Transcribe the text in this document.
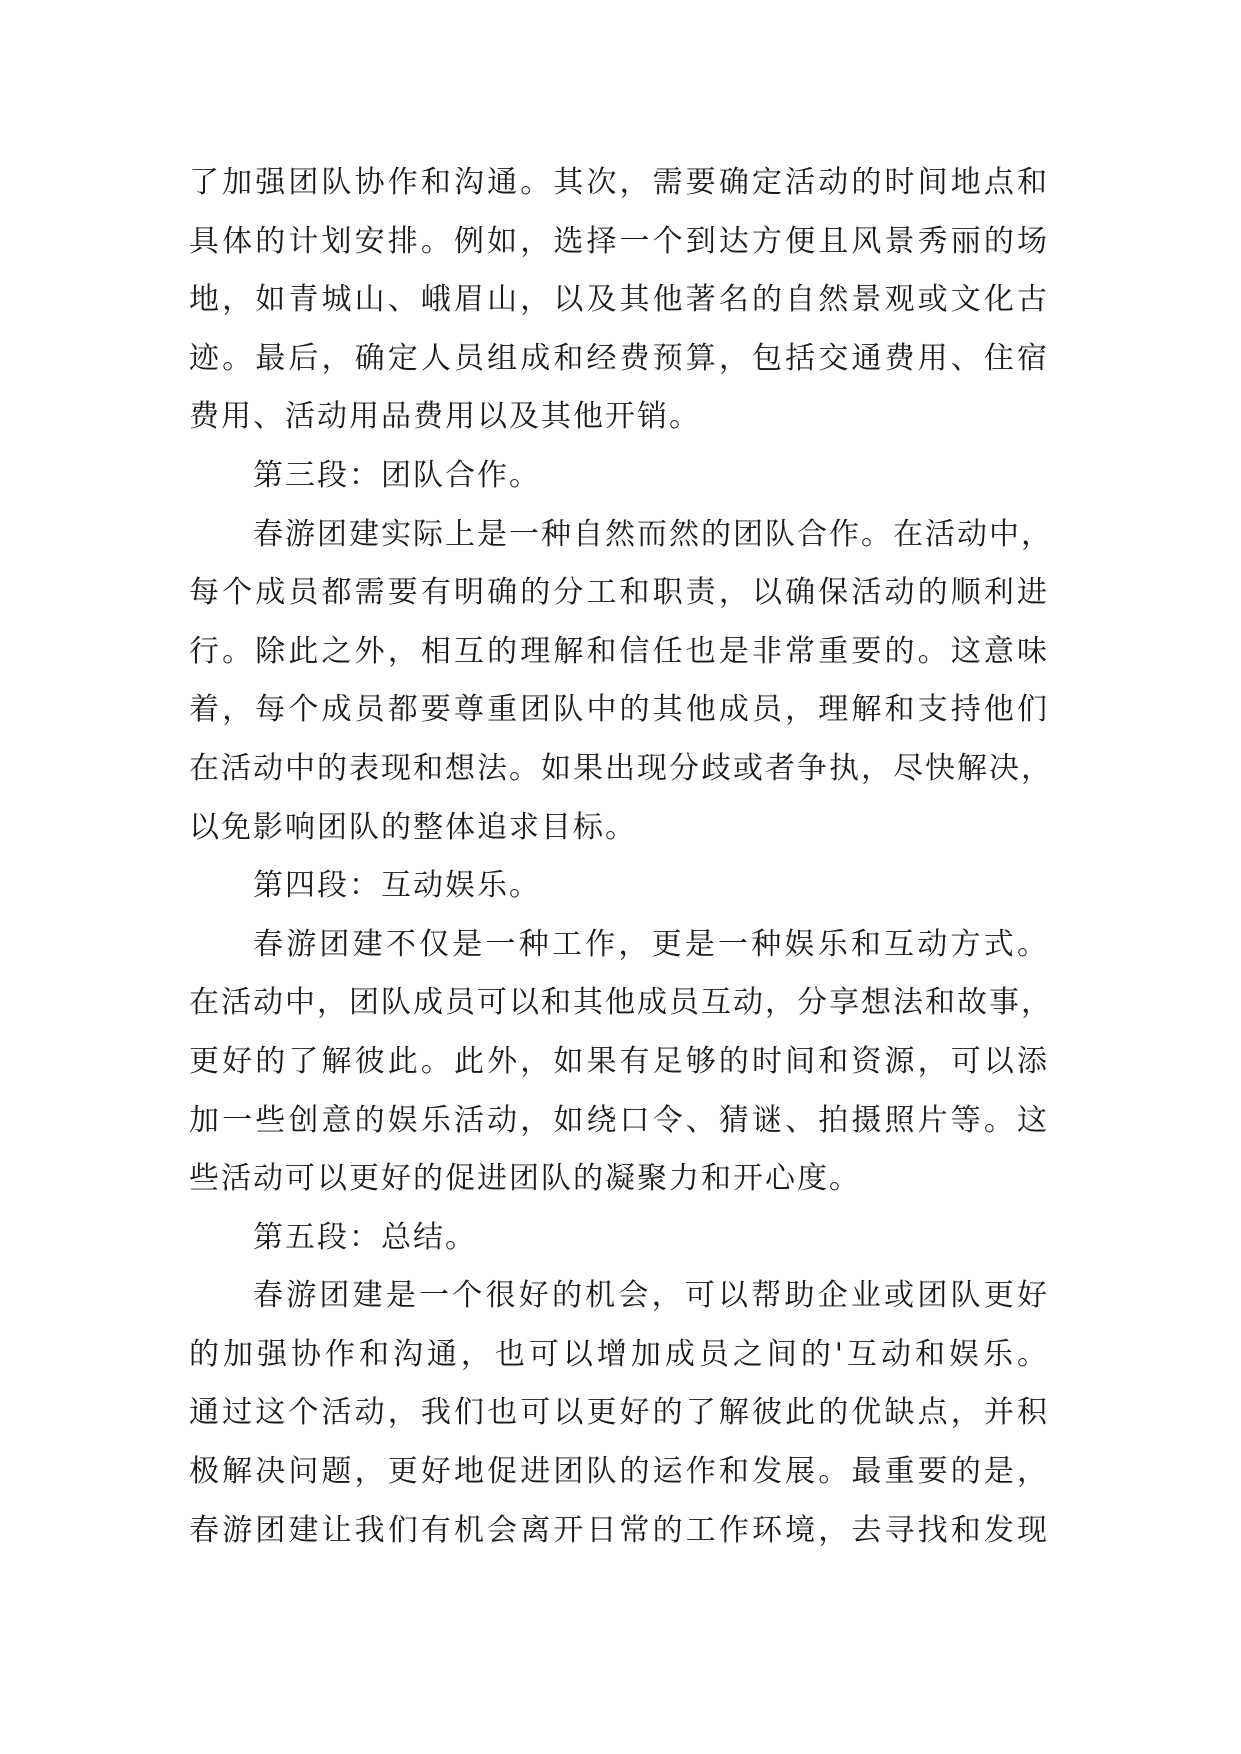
了加强团队协作和沟通。其次，需要确定活动的时间地点和
具体的计划安排。例如，选择一个到达方便且风景秀丽的场
地，如青城山、峨眉山，以及其他著名的自然景观或文化古
迹。最后，确定人员组成和经费预算，包括交通费用、住宿
费用、活动用品费用以及其他开销。
第三段：团队合作。
春游团建实际上是一种自然而然的团队合作。在活动中，
每个成员都需要有明确的分工和职责，以确保活动的顺利进
行。除此之外，相互的理解和信任也是非常重要的。这意味
着，每个成员都要尊重团队中的其他成员，理解和支持他们
在活动中的表现和想法。如果出现分歧或者争执，尽快解决，
以免影响团队的整体追求目标。
第四段：互动娱乐。
春游团建不仅是一种工作，更是一种娱乐和互动方式。
在活动中，团队成员可以和其他成员互动，分享想法和故事，
更好的了解彼此。此外，如果有足够的时间和资源，可以添
加一些创意的娱乐活动，如绕口令、猜谜、拍摄照片等。这
些活动可以更好的促进团队的凝聚力和开心度。
第五段：总结。
春游团建是一个很好的机会，可以帮助企业或团队更好
的加强协作和沟通，也可以增加成员之间的'互动和娱乐。
通过这个活动，我们也可以更好的了解彼此的优缺点，并积
极解决问题，更好地促进团队的运作和发展。最重要的是，
春游团建让我们有机会离开日常的工作环境，去寻找和发现
